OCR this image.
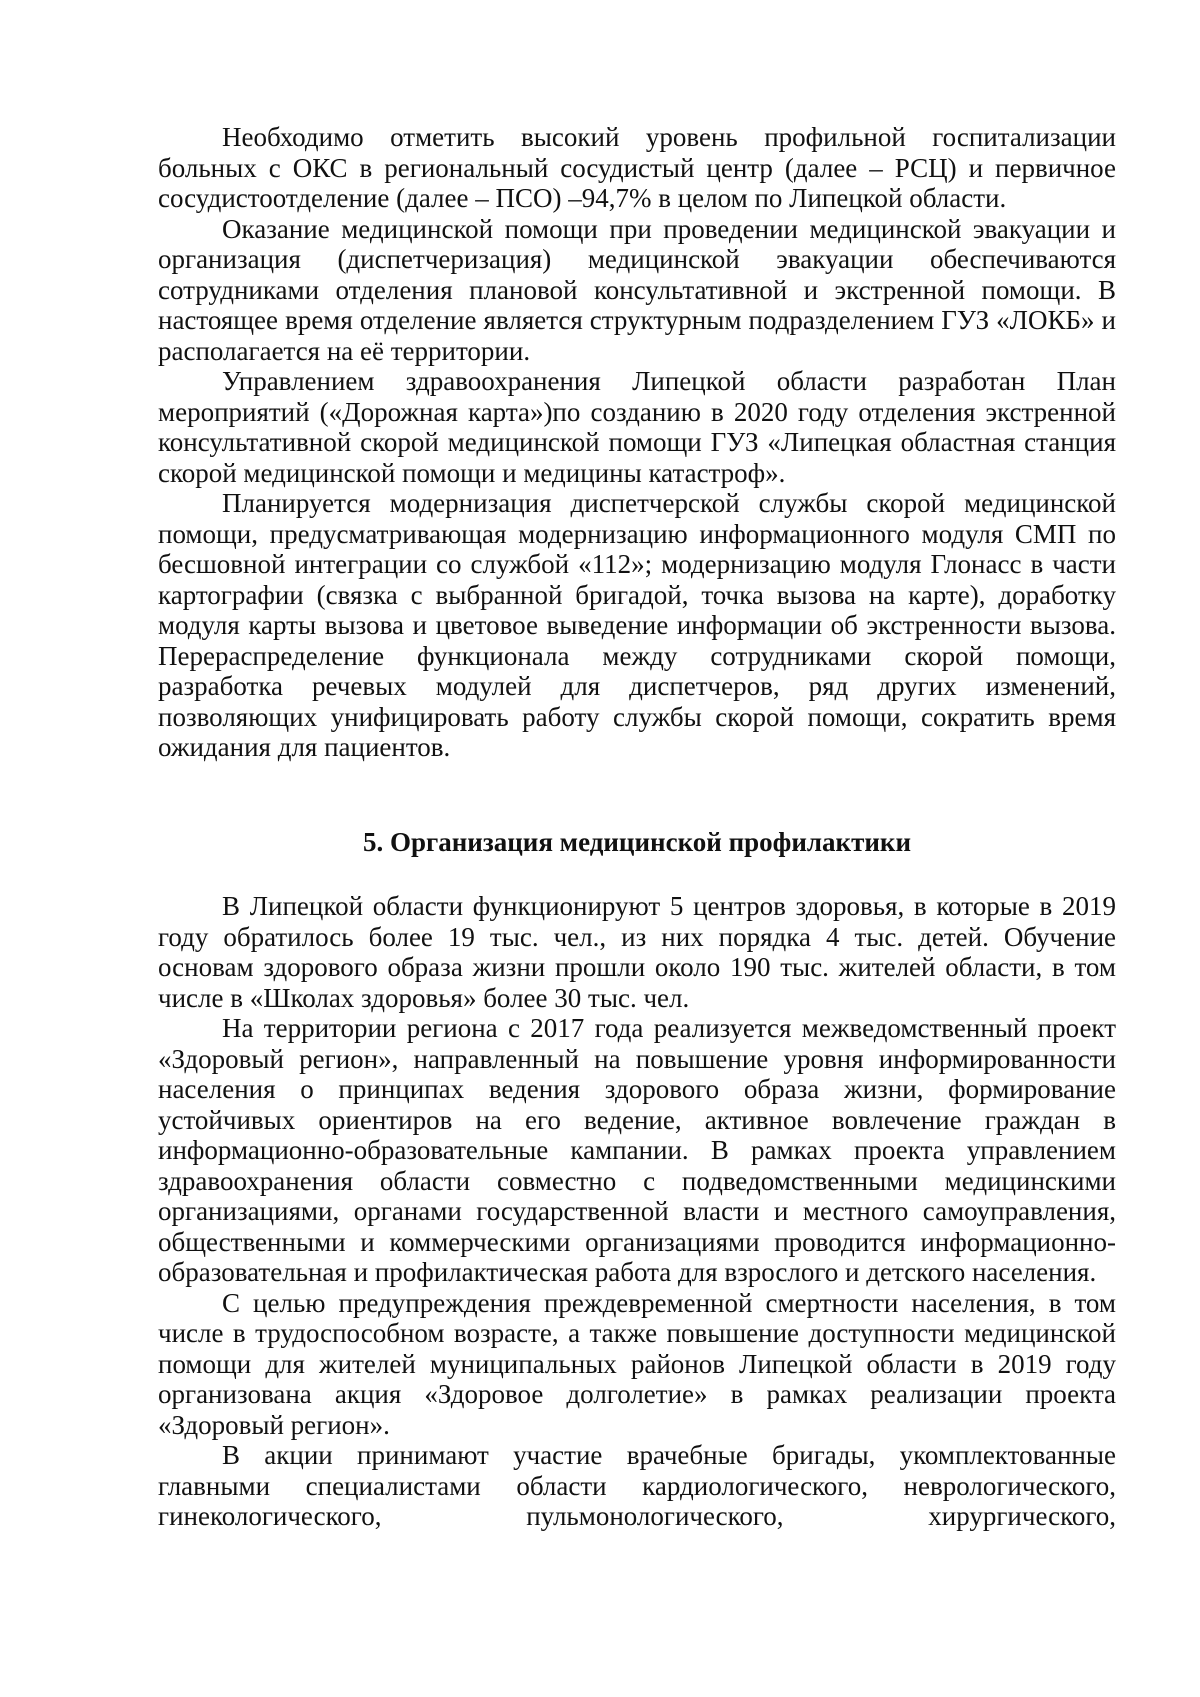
Необходимо отметить высокий уровень профильной госпитализации больных с ОКС в региональный сосудистый центр (далее – РСЦ) и первичное сосудистоотделение (далее – ПСО) –94,7% в целом по Липецкой области.

Оказание медицинской помощи при проведении медицинской эвакуации и организация (диспетчеризация) медицинской эвакуации обеспечиваются сотрудниками отделения плановой консультативной и экстренной помощи. В настоящее время отделение является структурным подразделением ГУЗ «ЛОКБ» и располагается на её территории.

Управлением здравоохранения Липецкой области разработан План мероприятий («Дорожная карта»)по созданию в 2020 году отделения экстренной консультативной скорой медицинской помощи ГУЗ «Липецкая областная станция скорой медицинской помощи и медицины катастроф».

Планируется модернизация диспетчерской службы скорой медицинской помощи, предусматривающая модернизацию информационного модуля СМП по бесшовной интеграции со службой «112»; модернизацию модуля Глонасс в части картографии (связка с выбранной бригадой, точка вызова на карте), доработку модуля карты вызова и цветовое выведение информации об экстренности вызова. Перераспределение функционала между сотрудниками скорой помощи, разработка речевых модулей для диспетчеров, ряд других изменений, позволяющих унифицировать работу службы скорой помощи, сократить время ожидания для пациентов.

5. Организация медицинской профилактики

В Липецкой области функционируют 5 центров здоровья, в которые в 2019 году обратилось более 19 тыс. чел., из них порядка 4 тыс. детей. Обучение основам здорового образа жизни прошли около 190 тыс. жителей области, в том числе в «Школах здоровья» более 30 тыс. чел.

На территории региона с 2017 года реализуется межведомственный проект «Здоровый регион», направленный на повышение уровня информированности населения о принципах ведения здорового образа жизни, формирование устойчивых ориентиров на его ведение, активное вовлечение граждан в информационно-образовательные кампании. В рамках проекта управлением здравоохранения области совместно с подведомственными медицинскими организациями, органами государственной власти и местного самоуправления, общественными и коммерческими организациями проводится информационно-образовательная и профилактическая работа для взрослого и детского населения.

С целью предупреждения преждевременной смертности населения, в том числе в трудоспособном возрасте, а также повышение доступности медицинской помощи для жителей муниципальных районов Липецкой области в 2019 году организована акция «Здоровое долголетие» в рамках реализации проекта «Здоровый регион».

В акции принимают участие врачебные бригады, укомплектованные главными специалистами области кардиологического, неврологического, гинекологического, пульмонологического, хирургического,
